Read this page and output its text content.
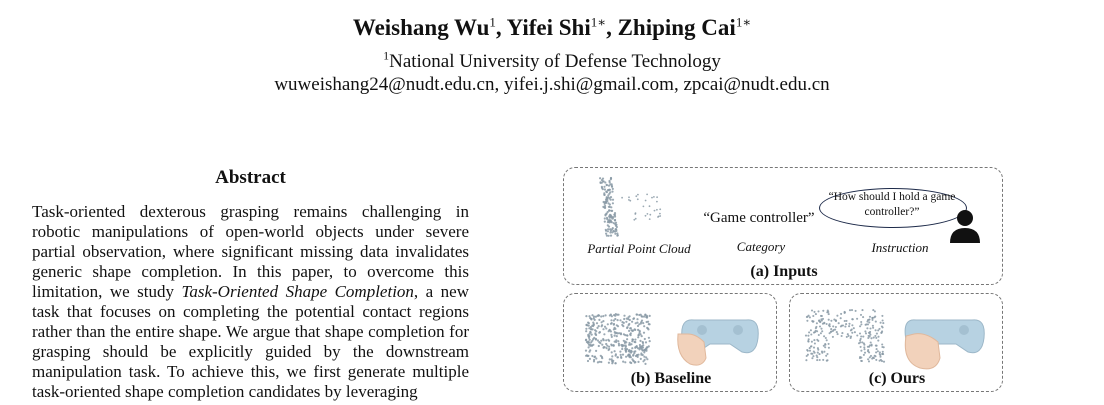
Weishang Wu$^1$, Yifei Shi$^{1∗}$, Zhiping Cai$^{1∗}$
$^1$National University of Defense Technology
wuweishang24@nudt.edu.cn, yifei.j.shi@gmail.com, zpcai@nudt.edu.cn
Abstract
Task-oriented dexterous grasping remains challenging in robotic manipulations of open-world objects under severe partial observation, where significant missing data invalidates generic shape completion. In this paper, to overcome this limitation, we study Task-Oriented Shape Completion, a new task that focuses on completing the potential contact regions rather than the entire shape. We argue that shape completion for grasping should be explicitly guided by the downstream manipulation task. To achieve this, we first generate multiple task-oriented shape completion candidates by leveraging
Partial Point Cloud
“Game controller”
Category
“How should I hold a game controller?”
Instruction
(a) Inputs
(b) Baseline	(c) Ours
